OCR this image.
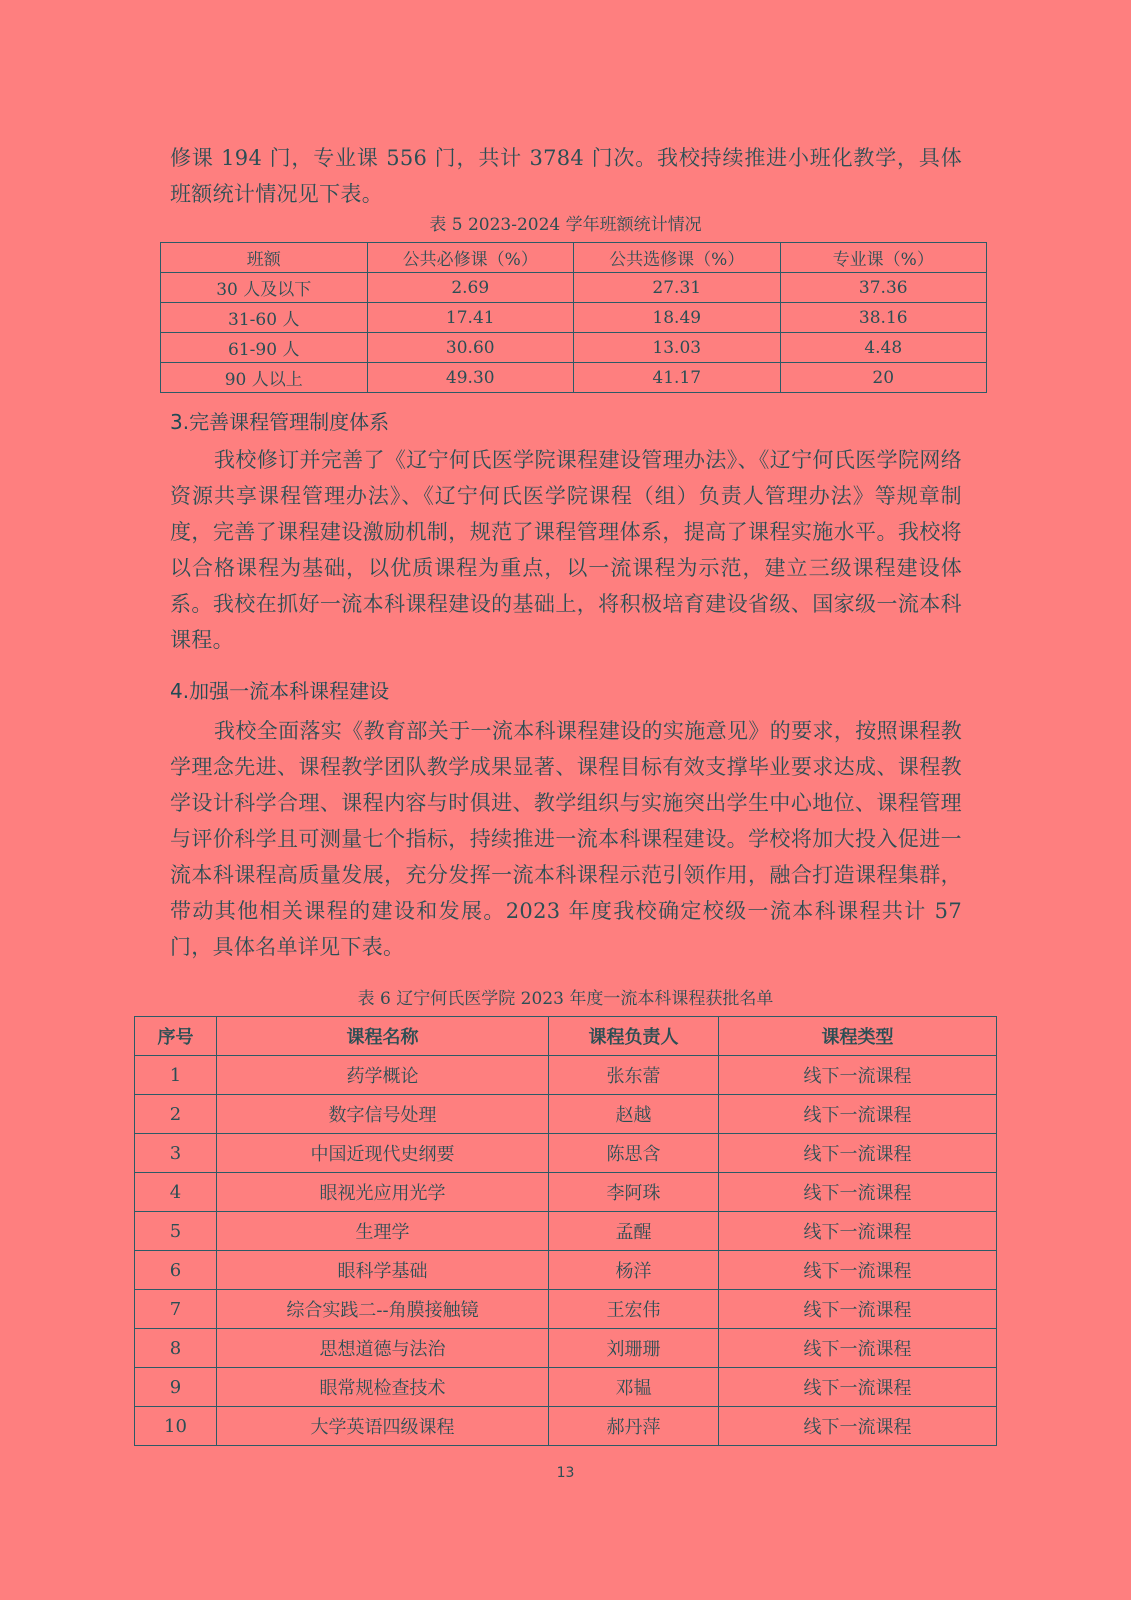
修课 194 门，专业课 556 门，共计 3784 门次。我校持续推进小班化教学，具体班额统计情况见下表。
表 5 2023-2024 学年班额统计情况
班额	公共必修课（%）	公共选修课（%）	专业课（%）
30 人及以下	2.69	27.31	37.36
31-60 人	17.41	18.49	38.16
61-90 人	30.60	13.03	4.48
90 人以上	49.30	41.17	20
3.完善课程管理制度体系
我校修订并完善了《辽宁何氏医学院课程建设管理办法》、《辽宁何氏医学院网络资源共享课程管理办法》、《辽宁何氏医学院课程（组）负责人管理办法》等规章制度，完善了课程建设激励机制，规范了课程管理体系，提高了课程实施水平。我校将以合格课程为基础，以优质课程为重点，以一流课程为示范，建立三级课程建设体系。我校在抓好一流本科课程建设的基础上，将积极培育建设省级、国家级一流本科课程。
4.加强一流本科课程建设
我校全面落实《教育部关于一流本科课程建设的实施意见》的要求，按照课程教学理念先进、课程教学团队教学成果显著、课程目标有效支撑毕业要求达成、课程教学设计科学合理、课程内容与时俱进、教学组织与实施突出学生中心地位、课程管理与评价科学且可测量七个指标，持续推进一流本科课程建设。学校将加大投入促进一流本科课程高质量发展，充分发挥一流本科课程示范引领作用，融合打造课程集群，带动其他相关课程的建设和发展。2023 年度我校确定校级一流本科课程共计 57 门，具体名单详见下表。
表 6 辽宁何氏医学院 2023 年度一流本科课程获批名单
序号	课程名称	课程负责人	课程类型
1	药学概论	张东蕾	线下一流课程
2	数字信号处理	赵越	线下一流课程
3	中国近现代史纲要	陈思含	线下一流课程
4	眼视光应用光学	李阿珠	线下一流课程
5	生理学	孟醒	线下一流课程
6	眼科学基础	杨洋	线下一流课程
7	综合实践二--角膜接触镜	王宏伟	线下一流课程
8	思想道德与法治	刘珊珊	线下一流课程
9	眼常规检查技术	邓韫	线下一流课程
10	大学英语四级课程	郝丹萍	线下一流课程
13
